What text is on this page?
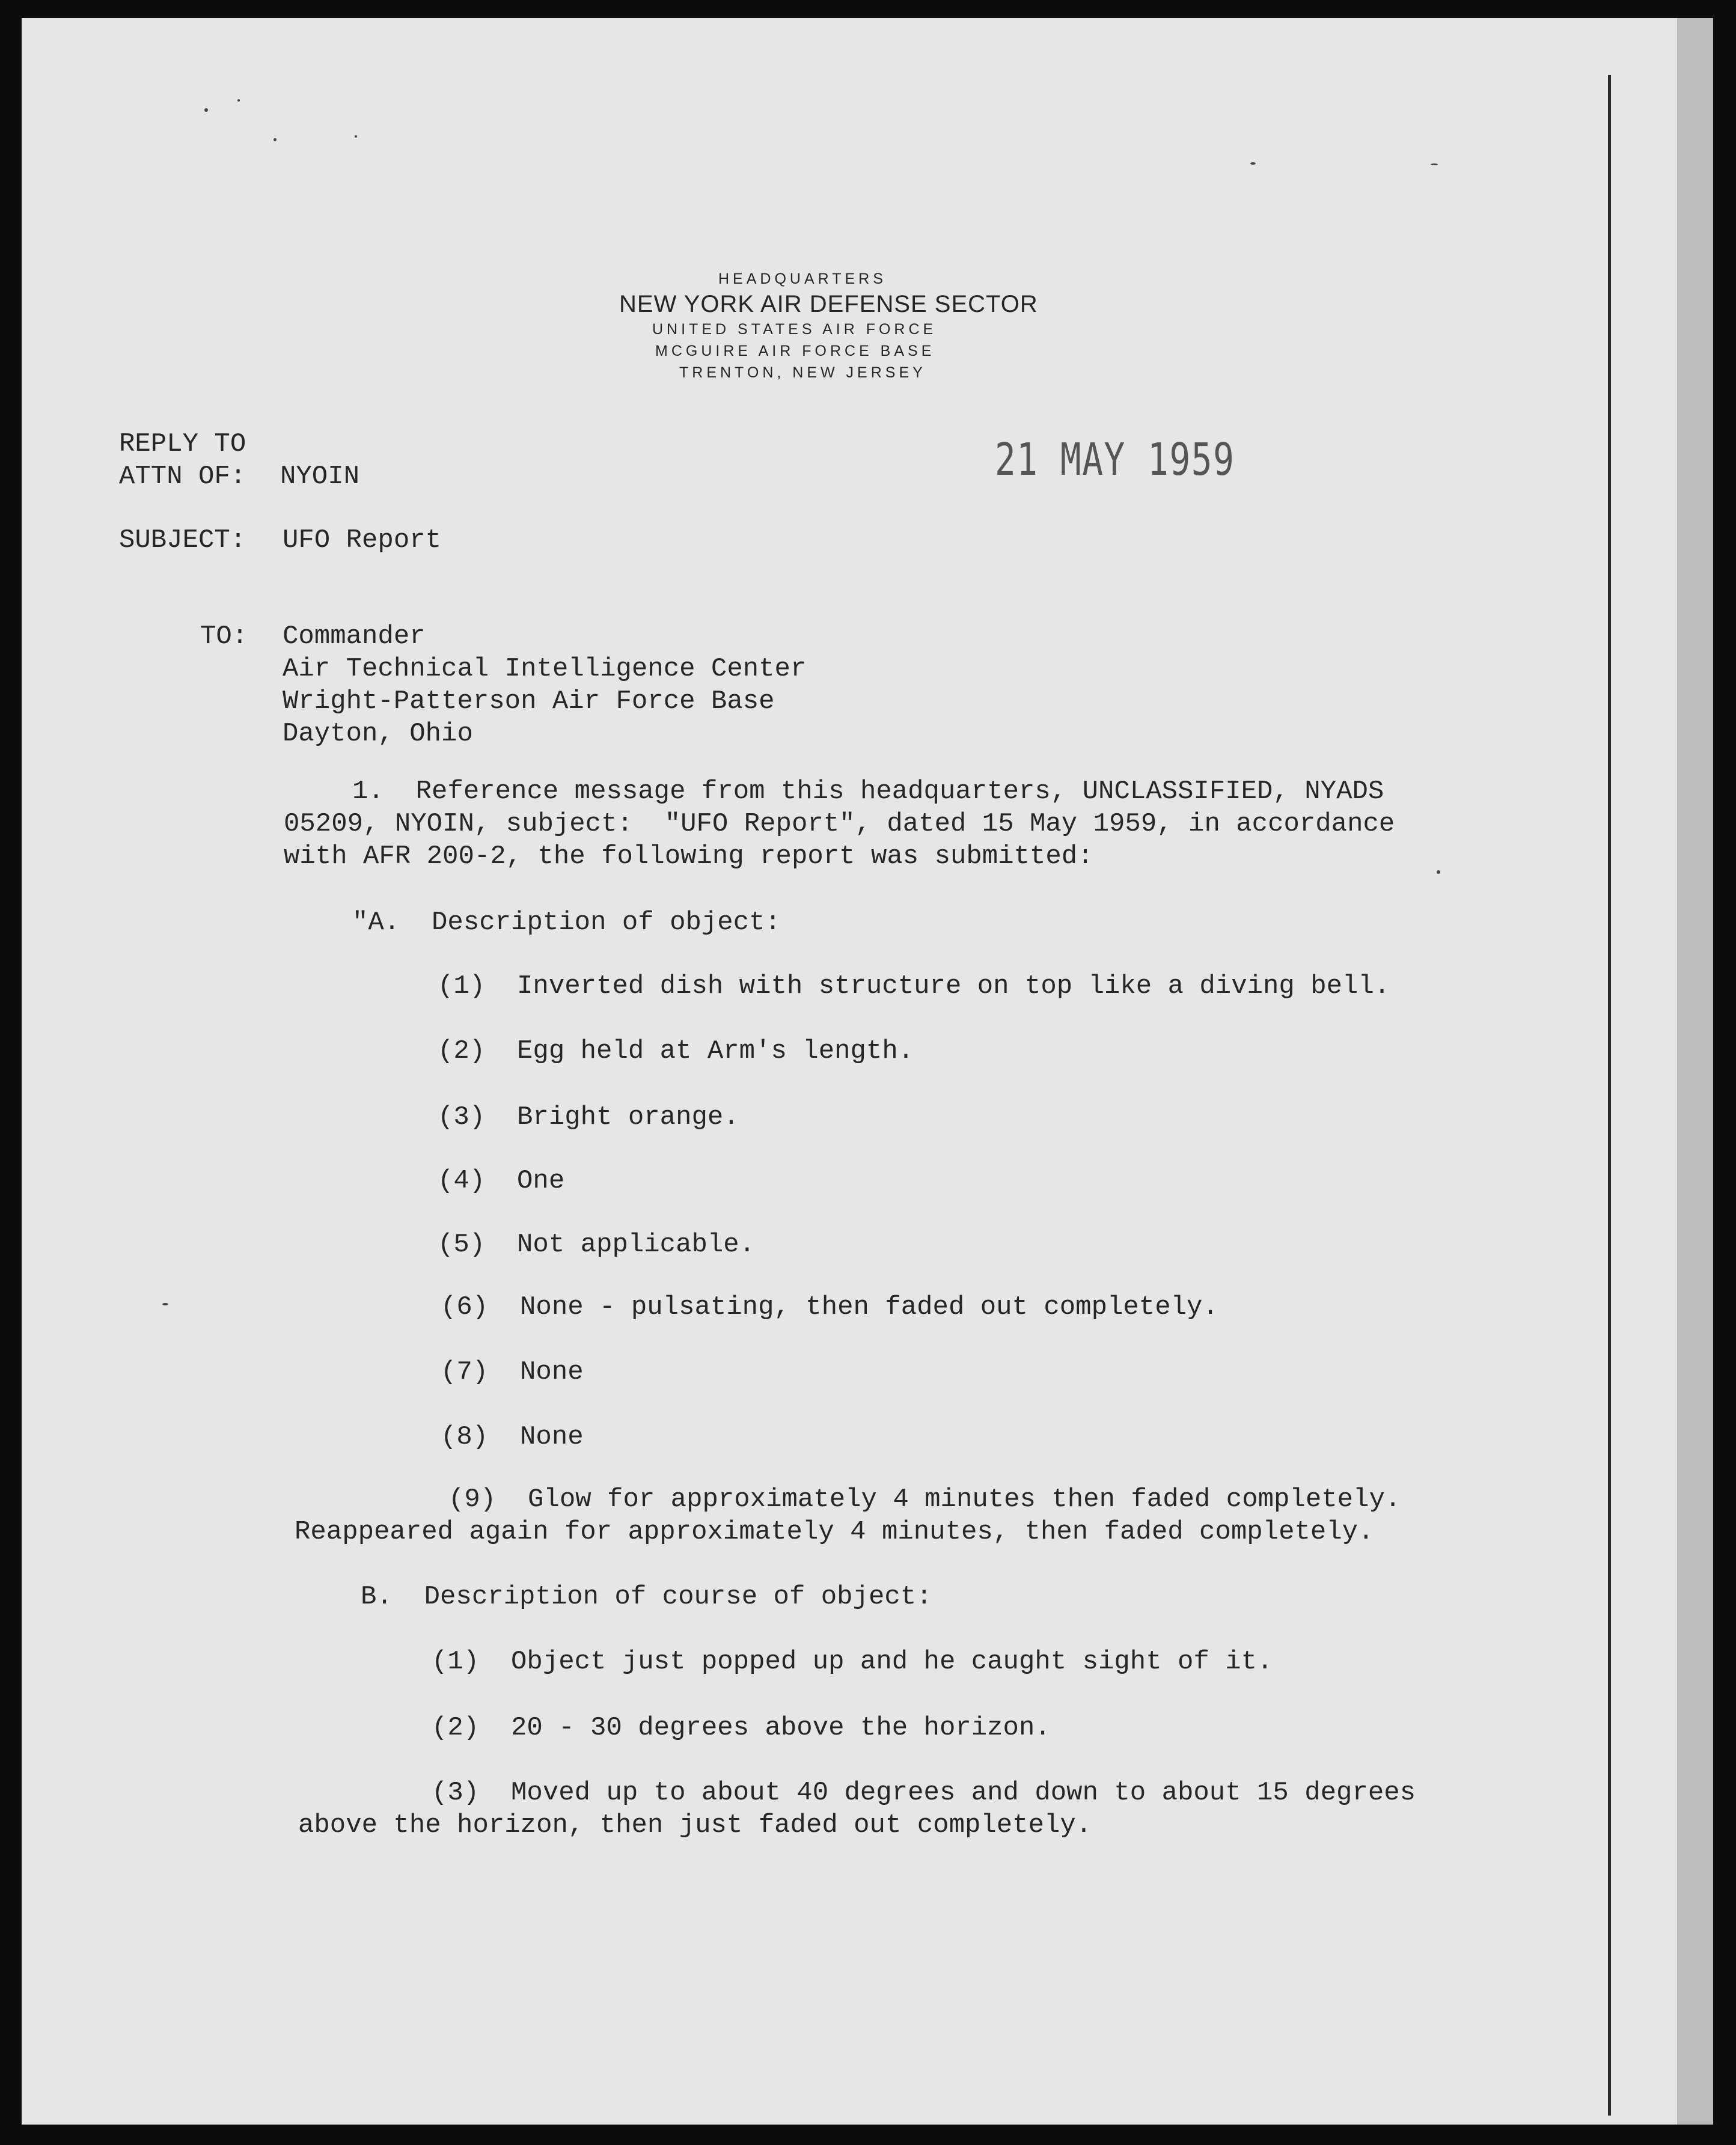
HEADQUARTERS
NEW YORK AIR DEFENSE SECTOR
UNITED STATES AIR FORCE
MCGUIRE AIR FORCE BASE
TRENTON, NEW JERSEY
REPLY TO
ATTN OF: NYOIN	21 MAY 1959
SUBJECT: UFO Report
TO: Commander
Air Technical Intelligence Center
Wright-Patterson Air Force Base
Dayton, Ohio
1.  Reference message from this headquarters, UNCLASSIFIED, NYADS
05209, NYOIN, subject:  "UFO Report", dated 15 May 1959, in accordance
with AFR 200-2, the following report was submitted:
"A.  Description of object:
(1)  Inverted dish with structure on top like a diving bell.
(2)  Egg held at Arm's length.
(3)  Bright orange.
(4)  One
(5)  Not applicable.
(6)  None - pulsating, then faded out completely.
(7)  None
(8)  None
(9)  Glow for approximately 4 minutes then faded completely.
Reappeared again for approximately 4 minutes, then faded completely.
B.  Description of course of object:
(1)  Object just popped up and he caught sight of it.
(2)  20 - 30 degrees above the horizon.
(3)  Moved up to about 40 degrees and down to about 15 degrees
above the horizon, then just faded out completely.
